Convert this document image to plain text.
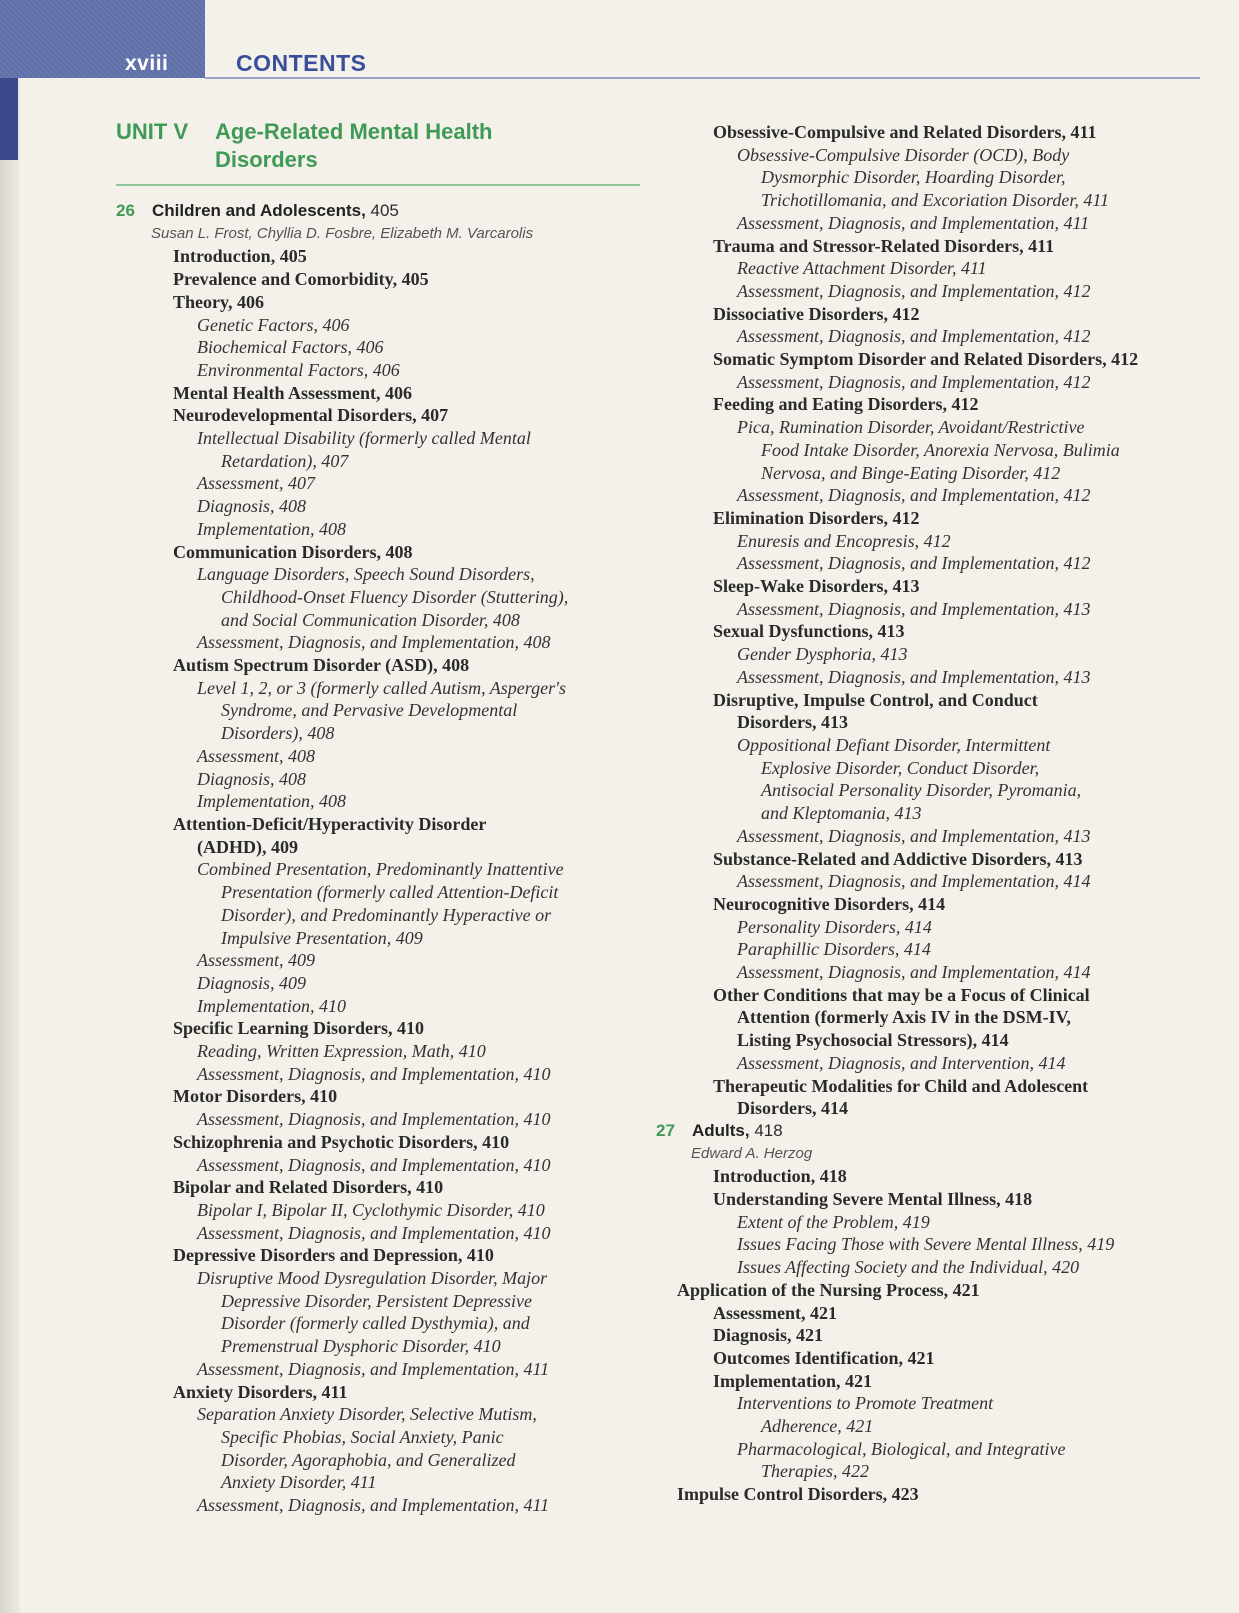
xviii	CONTENTS
UNIT V Age-Related Mental Health
Disorders
26 Children and Adolescents, 405
Susan L. Frost, Chyllia D. Fosbre, Elizabeth M. Varcarolis
Introduction, 405
Prevalence and Comorbidity, 405
Theory, 406
Genetic Factors, 406
Biochemical Factors, 406
Environmental Factors, 406
Mental Health Assessment, 406
Neurodevelopmental Disorders, 407
Intellectual Disability (formerly called Mental
Retardation), 407
Assessment, 407
Diagnosis, 408
Implementation, 408
Communication Disorders, 408
Language Disorders, Speech Sound Disorders,
Childhood-Onset Fluency Disorder (Stuttering),
and Social Communication Disorder, 408
Assessment, Diagnosis, and Implementation, 408
Autism Spectrum Disorder (ASD), 408
Level 1, 2, or 3 (formerly called Autism, Asperger's
Syndrome, and Pervasive Developmental
Disorders), 408
Assessment, 408
Diagnosis, 408
Implementation, 408
Attention-Deficit/Hyperactivity Disorder
(ADHD), 409
Combined Presentation, Predominantly Inattentive
Presentation (formerly called Attention-Deficit
Disorder), and Predominantly Hyperactive or
Impulsive Presentation, 409
Assessment, 409
Diagnosis, 409
Implementation, 410
Specific Learning Disorders, 410
Reading, Written Expression, Math, 410
Assessment, Diagnosis, and Implementation, 410
Motor Disorders, 410
Assessment, Diagnosis, and Implementation, 410
Schizophrenia and Psychotic Disorders, 410
Assessment, Diagnosis, and Implementation, 410
Bipolar and Related Disorders, 410
Bipolar I, Bipolar II, Cyclothymic Disorder, 410
Assessment, Diagnosis, and Implementation, 410
Depressive Disorders and Depression, 410
Disruptive Mood Dysregulation Disorder, Major
Depressive Disorder, Persistent Depressive
Disorder (formerly called Dysthymia), and
Premenstrual Dysphoric Disorder, 410
Assessment, Diagnosis, and Implementation, 411
Anxiety Disorders, 411
Separation Anxiety Disorder, Selective Mutism,
Specific Phobias, Social Anxiety, Panic
Disorder, Agoraphobia, and Generalized
Anxiety Disorder, 411
Assessment, Diagnosis, and Implementation, 411
Obsessive-Compulsive and Related Disorders, 411
Obsessive-Compulsive Disorder (OCD), Body
Dysmorphic Disorder, Hoarding Disorder,
Trichotillomania, and Excoriation Disorder, 411
Assessment, Diagnosis, and Implementation, 411
Trauma and Stressor-Related Disorders, 411
Reactive Attachment Disorder, 411
Assessment, Diagnosis, and Implementation, 412
Dissociative Disorders, 412
Assessment, Diagnosis, and Implementation, 412
Somatic Symptom Disorder and Related Disorders, 412
Assessment, Diagnosis, and Implementation, 412
Feeding and Eating Disorders, 412
Pica, Rumination Disorder, Avoidant/Restrictive
Food Intake Disorder, Anorexia Nervosa, Bulimia
Nervosa, and Binge-Eating Disorder, 412
Assessment, Diagnosis, and Implementation, 412
Elimination Disorders, 412
Enuresis and Encopresis, 412
Assessment, Diagnosis, and Implementation, 412
Sleep-Wake Disorders, 413
Assessment, Diagnosis, and Implementation, 413
Sexual Dysfunctions, 413
Gender Dysphoria, 413
Assessment, Diagnosis, and Implementation, 413
Disruptive, Impulse Control, and Conduct
Disorders, 413
Oppositional Defiant Disorder, Intermittent
Explosive Disorder, Conduct Disorder,
Antisocial Personality Disorder, Pyromania,
and Kleptomania, 413
Assessment, Diagnosis, and Implementation, 413
Substance-Related and Addictive Disorders, 413
Assessment, Diagnosis, and Implementation, 414
Neurocognitive Disorders, 414
Personality Disorders, 414
Paraphillic Disorders, 414
Assessment, Diagnosis, and Implementation, 414
Other Conditions that may be a Focus of Clinical
Attention (formerly Axis IV in the DSM-IV,
Listing Psychosocial Stressors), 414
Assessment, Diagnosis, and Intervention, 414
Therapeutic Modalities for Child and Adolescent
Disorders, 414
27 Adults, 418
Edward A. Herzog
Introduction, 418
Understanding Severe Mental Illness, 418
Extent of the Problem, 419
Issues Facing Those with Severe Mental Illness, 419
Issues Affecting Society and the Individual, 420
Application of the Nursing Process, 421
Assessment, 421
Diagnosis, 421
Outcomes Identification, 421
Implementation, 421
Interventions to Promote Treatment
Adherence, 421
Pharmacological, Biological, and Integrative
Therapies, 422
Impulse Control Disorders, 423
